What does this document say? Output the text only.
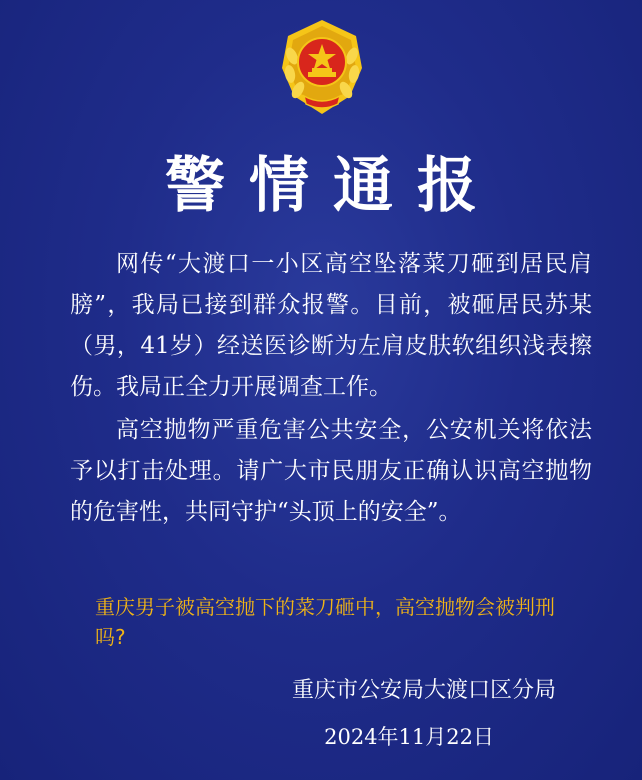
警情通报
网传“大渡口一小区高空坠落菜刀砸到居民肩膀”，我局已接到群众报警。目前，被砸居民苏某（男，41岁）经送医诊断为左肩皮肤软组织浅表擦伤。我局正全力开展调查工作。
高空抛物严重危害公共安全，公安机关将依法予以打击处理。请广大市民朋友正确认识高空抛物的危害性，共同守护“头顶上的安全”。
重庆男子被高空抛下的菜刀砸中，高空抛物会被判刑吗?
重庆市公安局大渡口区分局
2024年11月22日
